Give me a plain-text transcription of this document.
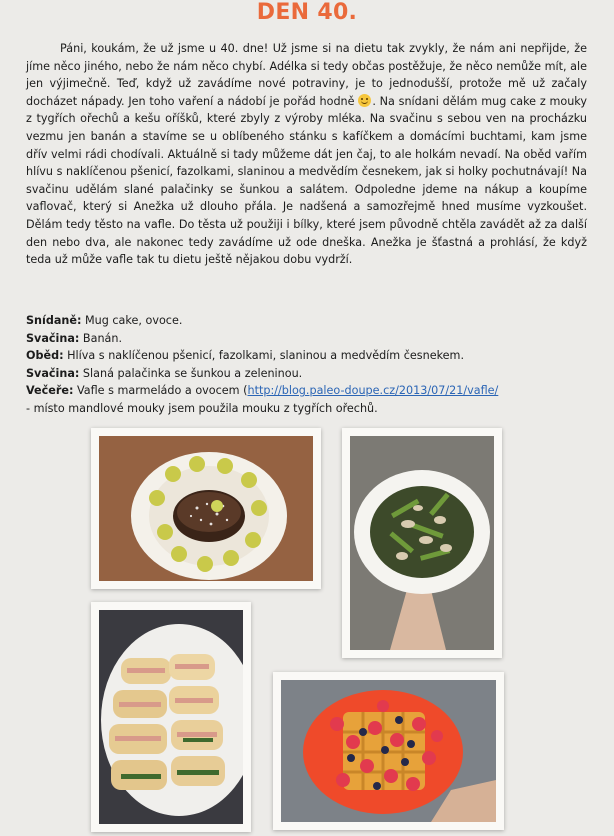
DEN 40.

Páni, koukám, že už jsme u 40. dne! Už jsme si na dietu tak zvykly, že nám ani nepřijde, že jíme něco jiného, nebo že nám něco chybí. Adélka si tedy občas postěžuje, že něco nemůže mít, ale jen výjimečně. Teď, když už zavádíme nové potraviny, je to jednodušší, protože mě už začaly docházet nápady. Jen toho vaření a nádobí je pořád hodně . Na snídani dělám mug cake z mouky z tygřích ořechů a kešu oříšků, které zbyly z výroby mléka. Na svačinu s sebou ven na procházku vezmu jen banán a stavíme se u oblíbeného stánku s kafíčkem a domácími buchtami, kam jsme dřív velmi rádi chodívali. Aktuálně si tady můžeme dát jen čaj, to ale holkám nevadí. Na oběd vařím hlívu s naklíčenou pšenicí, fazolkami, slaninou a medvědím česnekem, jak si holky pochutnávají! Na svačinu udělám slané palačinky se šunkou a salátem. Odpoledne jdeme na nákup a koupíme vaflovač, který si Anežka už dlouho přála. Je nadšená a samozřejmě hned musíme vyzkoušet. Dělám tedy těsto na vafle. Do těsta už použiji i bílky, které jsem původně chtěla zavádět až za další den nebo dva, ale nakonec tedy zavádíme už ode dneška. Anežka je šťastná a prohlásí, že když teda už může vafle tak tu dietu ještě nějakou dobu vydrží.

Snídaně: Mug cake, ovoce.
Svačina: Banán.
Oběd: Hlíva s naklíčenou pšenicí, fazolkami, slaninou a medvědím česnekem.
Svačina: Slaná palačinka se šunkou a zeleninou.
Večeře: Vafle s marmeládo a ovocem (http://blog.paleo-doupe.cz/2013/07/21/vafle/
- místo mandlové mouky jsem použila mouku z tygřích ořechů.
